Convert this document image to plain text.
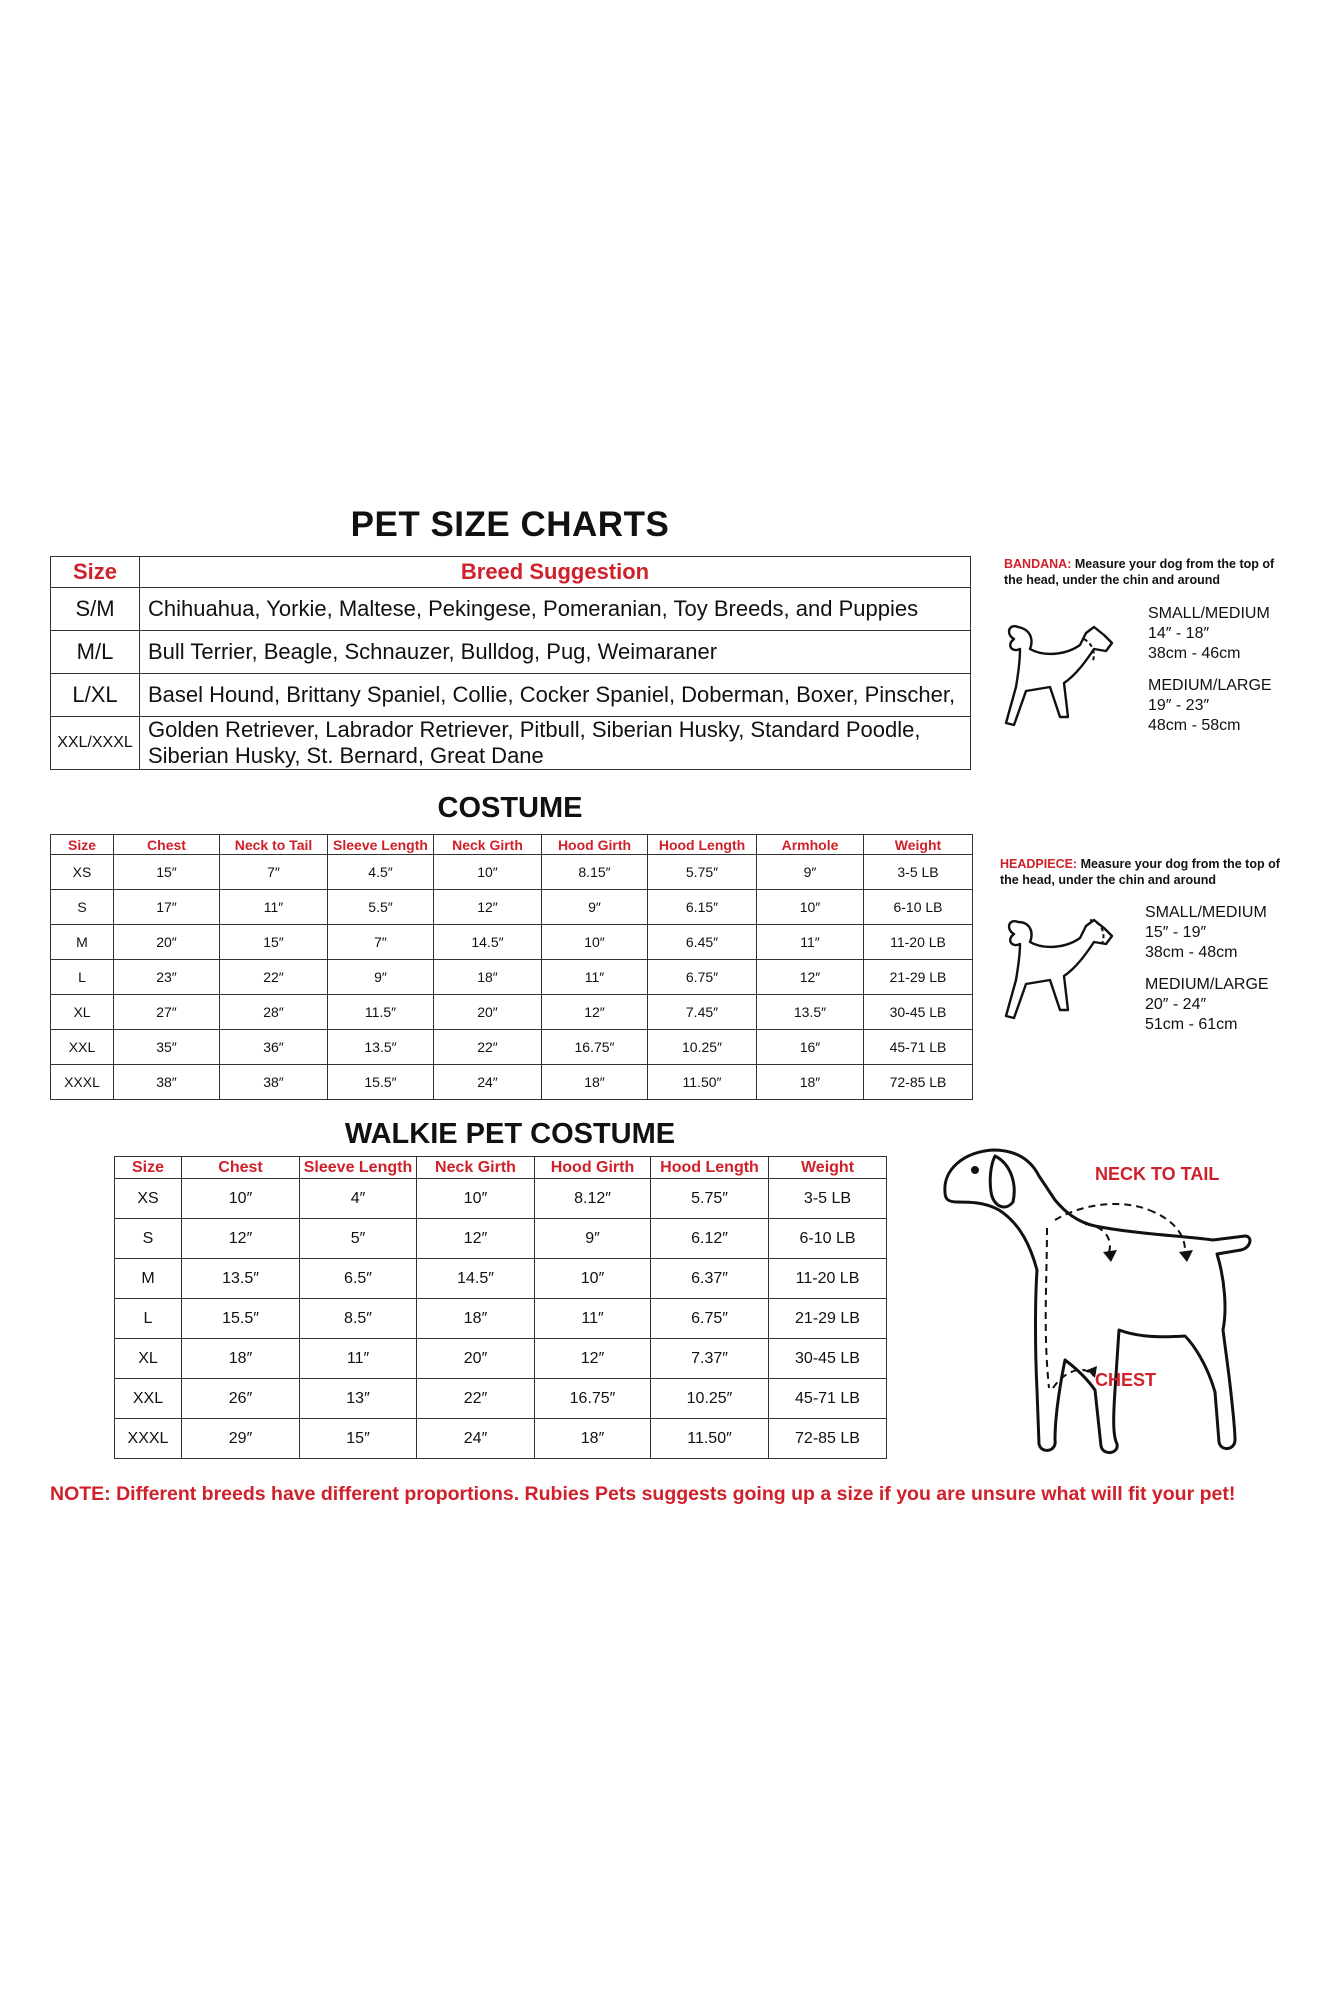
PET SIZE CHARTS
Size	Breed Suggestion
S/M	Chihuahua, Yorkie, Maltese, Pekingese, Pomeranian, Toy Breeds, and Puppies
M/L	Bull Terrier, Beagle, Schnauzer, Bulldog, Pug, Weimaraner
L/XL	Basel Hound, Brittany Spaniel, Collie, Cocker Spaniel, Doberman, Boxer, Pinscher,
XXL/XXXL	Golden Retriever, Labrador Retriever, Pitbull, Siberian Husky, Standard Poodle, Siberian Husky, St. Bernard, Great Dane
COSTUME
Size	Chest	Neck to Tail	Sleeve Length	Neck Girth	Hood Girth	Hood Length	Armhole	Weight
XS	15″	7″	4.5″	10″	8.15″	5.75″	9″	3-5 LB
S	17″	11″	5.5″	12″	9″	6.15″	10″	6-10 LB
M	20″	15″	7″	14.5″	10″	6.45″	11″	11-20 LB
L	23″	22″	9″	18″	11″	6.75″	12″	21-29 LB
XL	27″	28″	11.5″	20″	12″	7.45″	13.5″	30-45 LB
XXL	35″	36″	13.5″	22″	16.75″	10.25″	16″	45-71 LB
XXXL	38″	38″	15.5″	24″	18″	11.50″	18″	72-85 LB
WALKIE PET COSTUME
Size	Chest	Sleeve Length	Neck Girth	Hood Girth	Hood Length	Weight
XS	10″	4″	10″	8.12″	5.75″	3-5 LB
S	12″	5″	12″	9″	6.12″	6-10 LB
M	13.5″	6.5″	14.5″	10″	6.37″	11-20 LB
L	15.5″	8.5″	18″	11″	6.75″	21-29 LB
XL	18″	11″	20″	12″	7.37″	30-45 LB
XXL	26″	13″	22″	16.75″	10.25″	45-71 LB
XXXL	29″	15″	24″	18″	11.50″	72-85 LB
BANDANA: Measure your dog from the top of the head, under the chin and around
SMALL/MEDIUM
14″ - 18″
38cm - 46cm
MEDIUM/LARGE
19″ - 23″
48cm - 58cm
HEADPIECE: Measure your dog from the top of the head, under the chin and around
SMALL/MEDIUM
15″ - 19″
38cm - 48cm
MEDIUM/LARGE
20″ - 24″
51cm - 61cm
NECK TO TAIL
CHEST
NOTE: Different breeds have different proportions. Rubies Pets suggests going up a size if you are unsure what will fit your pet!
